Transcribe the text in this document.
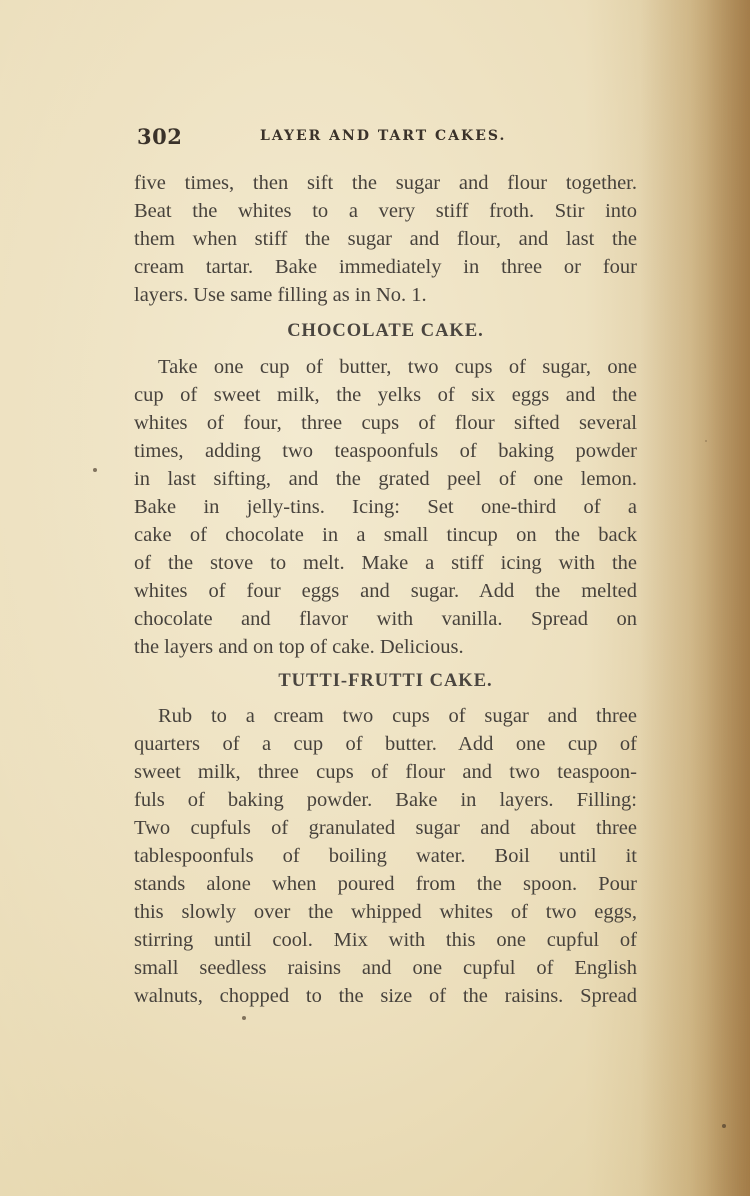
302	LAYER AND TART CAKES.

five times, then sift the sugar and flour together.
Beat the whites to a very stiff froth. Stir into
them when stiff the sugar and flour, and last the
cream tartar. Bake immediately in three or four
layers. Use same filling as in No. 1.

CHOCOLATE CAKE.

Take one cup of butter, two cups of sugar, one
cup of sweet milk, the yelks of six eggs and the
whites of four, three cups of flour sifted several
times, adding two teaspoonfuls of baking powder
in last sifting, and the grated peel of one lemon.
Bake in jelly-tins. Icing: Set one-third of a
cake of chocolate in a small tincup on the back
of the stove to melt. Make a stiff icing with the
whites of four eggs and sugar. Add the melted
chocolate and flavor with vanilla. Spread on
the layers and on top of cake. Delicious.

TUTTI-FRUTTI CAKE.

Rub to a cream two cups of sugar and three
quarters of a cup of butter. Add one cup of
sweet milk, three cups of flour and two teaspoon-
fuls of baking powder. Bake in layers. Filling:
Two cupfuls of granulated sugar and about three
tablespoonfuls of boiling water. Boil until it
stands alone when poured from the spoon. Pour
this slowly over the whipped whites of two eggs,
stirring until cool. Mix with this one cupful of
small seedless raisins and one cupful of English
walnuts, chopped to the size of the raisins. Spread
